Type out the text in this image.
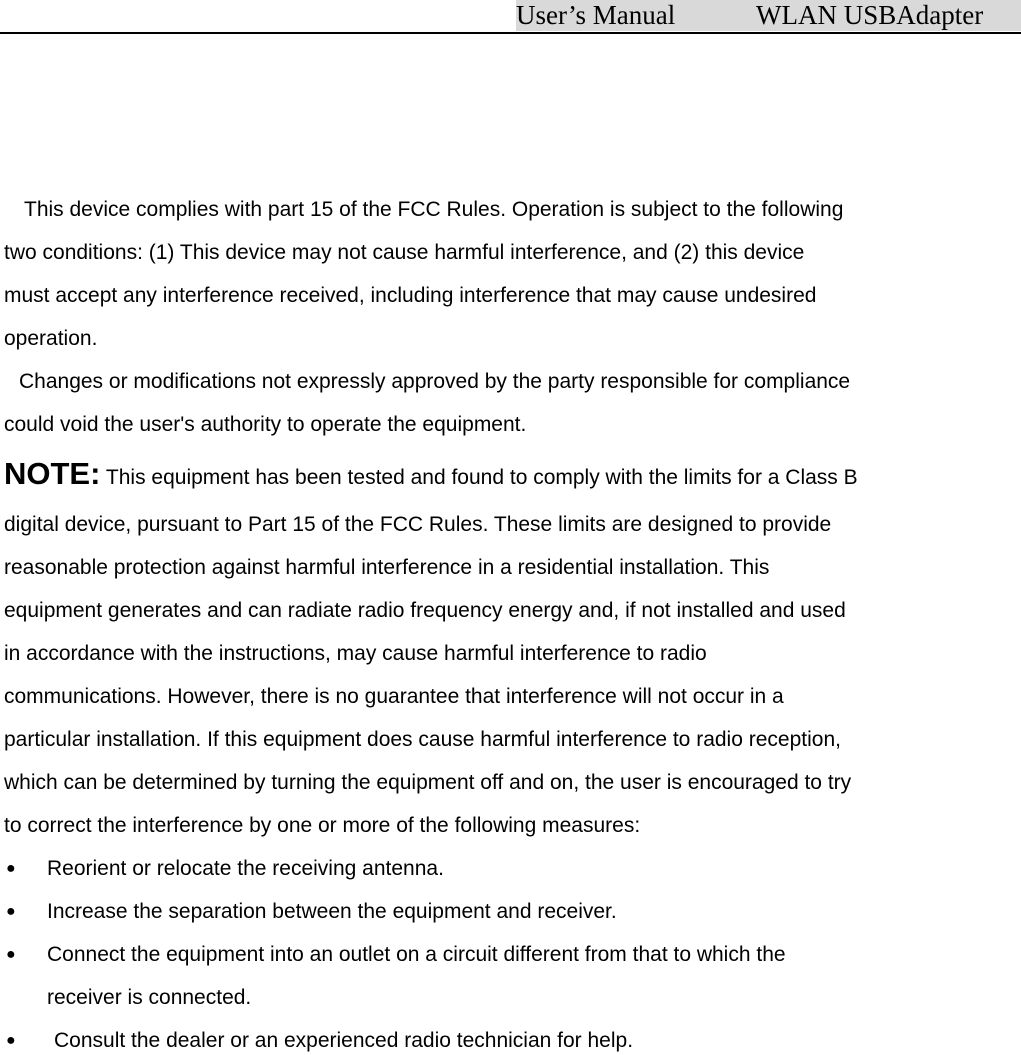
User’s Manual	WLAN USBAdapter
This device complies with part 15 of the FCC Rules. Operation is subject to the following
two conditions: (1) This device may not cause harmful interference, and (2) this device
must accept any interference received, including interference that may cause undesired
operation.
Changes or modifications not expressly approved by the party responsible for compliance
could void the user's authority to operate the equipment.
NOTE: This equipment has been tested and found to comply with the limits for a Class B
digital device, pursuant to Part 15 of the FCC Rules. These limits are designed to provide
reasonable protection against harmful interference in a residential installation. This
equipment generates and can radiate radio frequency energy and, if not installed and used
in accordance with the instructions, may cause harmful interference to radio
communications. However, there is no guarantee that interference will not occur in a
particular installation. If this equipment does cause harmful interference to radio reception,
which can be determined by turning the equipment off and on, the user is encouraged to try
to correct the interference by one or more of the following measures:
● Reorient or relocate the receiving antenna.
● Increase the separation between the equipment and receiver.
● Connect the equipment into an outlet on a circuit different from that to which the
receiver is connected.
● Consult the dealer or an experienced radio technician for help.
